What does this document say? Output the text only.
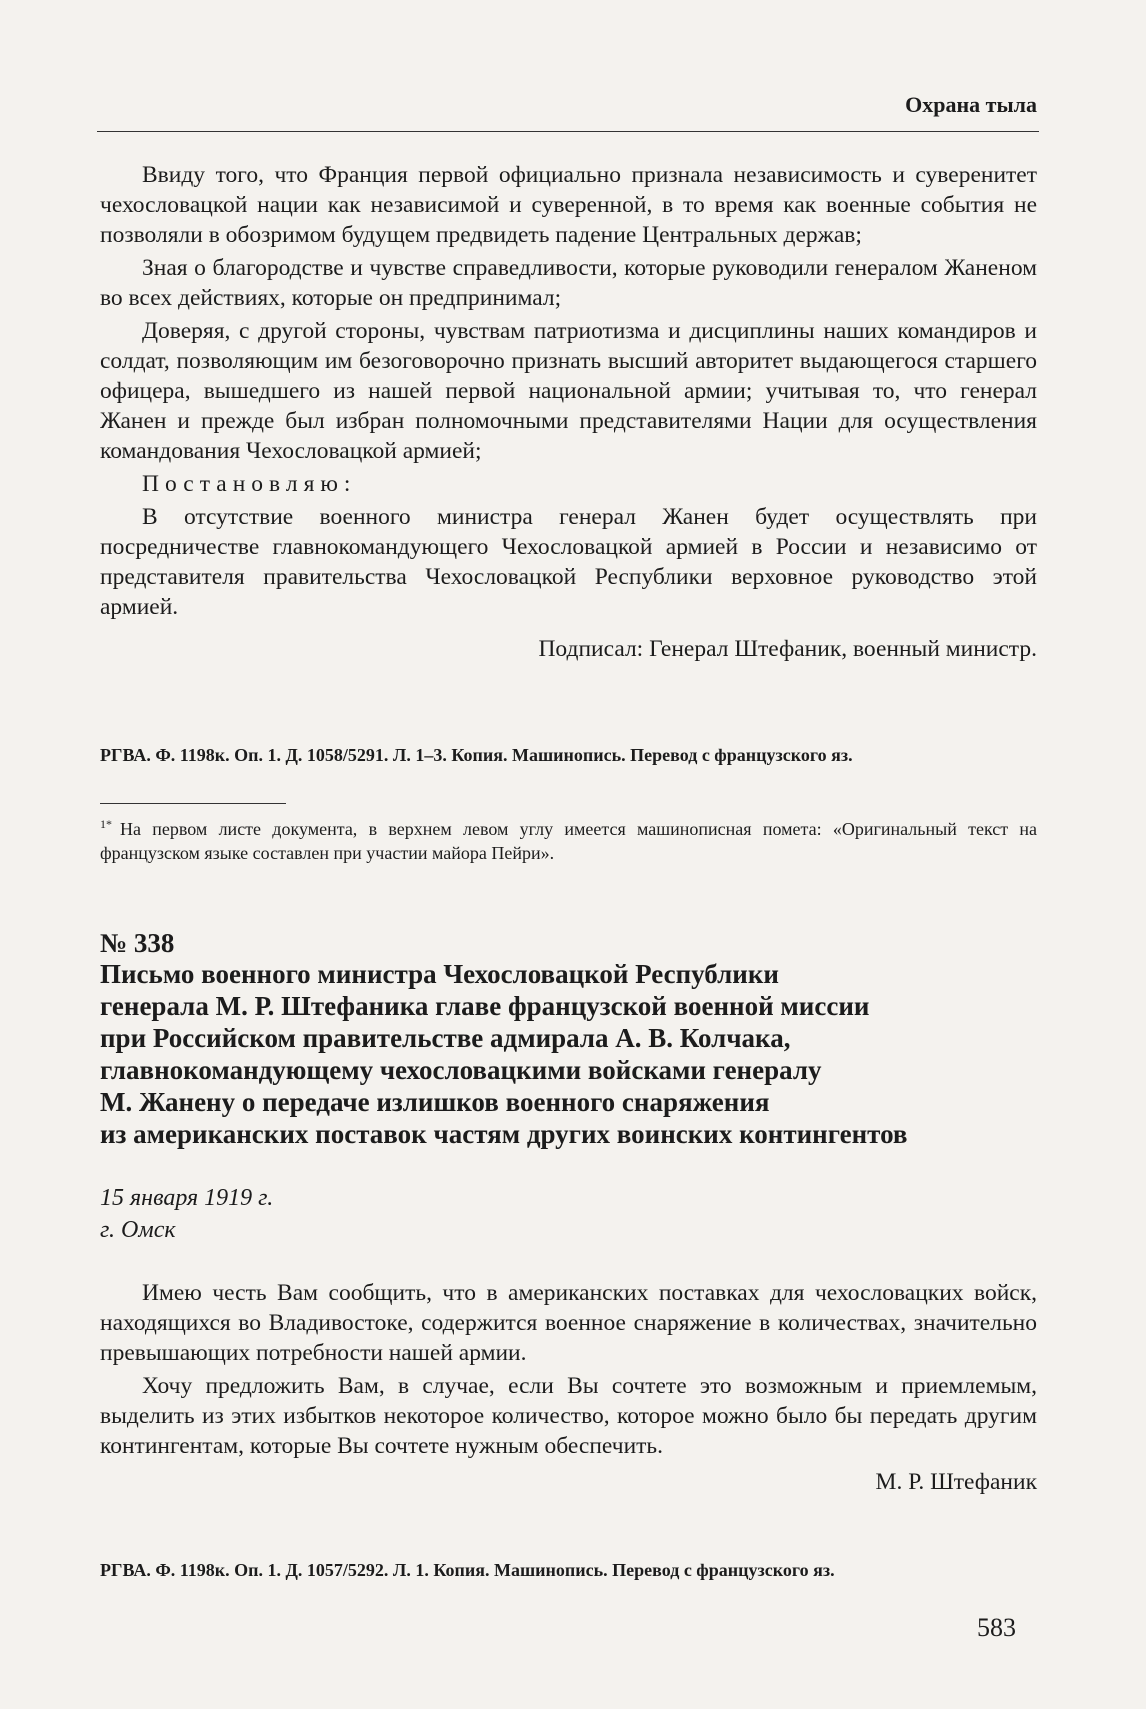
Охрана тыла

Ввиду того, что Франция первой официально признала независимость и суверенитет чехословацкой нации как независимой и суверенной, в то время как военные события не позволяли в обозримом будущем предвидеть падение Центральных держав;

Зная о благородстве и чувстве справедливости, которые руководили генералом Жаненом во всех действиях, которые он предпринимал;

Доверяя, с другой стороны, чувствам патриотизма и дисциплины наших командиров и солдат, позволяющим им безоговорочно признать высший авторитет выдающегося старшего офицера, вышедшего из нашей первой национальной армии; учитывая то, что генерал Жанен и прежде был избран полномочными представителями Нации для осуществления командования Чехословацкой армией;

Постановляю:

В отсутствие военного министра генерал Жанен будет осуществлять при посредничестве главнокомандующего Чехословацкой армией в России и независимо от представителя правительства Чехословацкой Республики верховное руководство этой армией.

Подписал: Генерал Штефаник, военный министр.

РГВА. Ф. 1198к. Оп. 1. Д. 1058/5291. Л. 1–3. Копия. Машинопись. Перевод с французского яз.
$^{1*}$ На первом листе документа, в верхнем левом углу имеется машинописная помета: «Оригинальный текст на французском языке составлен при участии майора Пейри».
№ 338
Письмо военного министра Чехословацкой Республики
генерала М. Р. Штефаника главе французской военной миссии
при Российском правительстве адмирала А. В. Колчака,
главнокомандующему чехословацкими войсками генералу
М. Жанену о передаче излишков военного снаряжения
из американских поставок частям других воинских контингентов
15 января 1919 г.
г. Омск

Имею честь Вам сообщить, что в американских поставках для чехословацких войск, находящихся во Владивостоке, содержится военное снаряжение в количествах, значительно превышающих потребности нашей армии.

Хочу предложить Вам, в случае, если Вы сочтете это возможным и приемлемым, выделить из этих избытков некоторое количество, которое можно было бы передать другим контингентам, которые Вы сочтете нужным обеспечить.

М. Р. Штефаник

РГВА. Ф. 1198к. Оп. 1. Д. 1057/5292. Л. 1. Копия. Машинопись. Перевод с французского яз.
583
